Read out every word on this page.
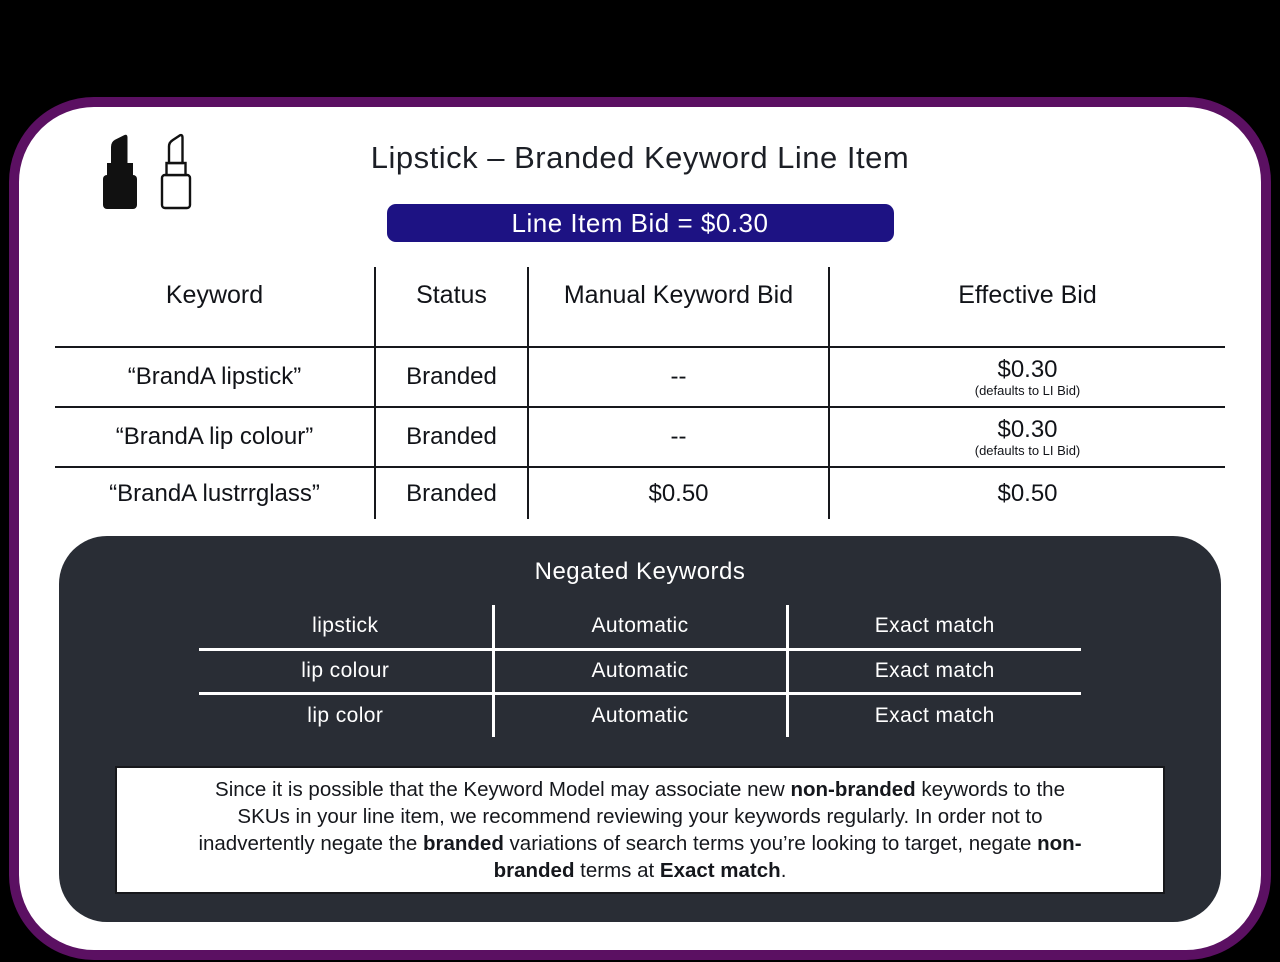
Lipstick – Branded Keyword Line Item
Line Item Bid = $0.30
Keyword	Status	Manual Keyword Bid	Effective Bid
“BrandA lipstick”	Branded	--	$0.30
(defaults to LI Bid)

“BrandA lip colour”	Branded	--	$0.30
(defaults to LI Bid)

“BrandA lustrrglass”	Branded	$0.50	$0.50
Negated Keywords
lipstick	Automatic	Exact match
lip colour	Automatic	Exact match
lip color	Automatic	Exact match
Since it is possible that the Keyword Model may associate new non-branded keywords to the
SKUs in your line item, we recommend reviewing your keywords regularly. In order not to
inadvertently negate the branded variations of search terms you’re looking to target, negate non-
branded terms at Exact match.
